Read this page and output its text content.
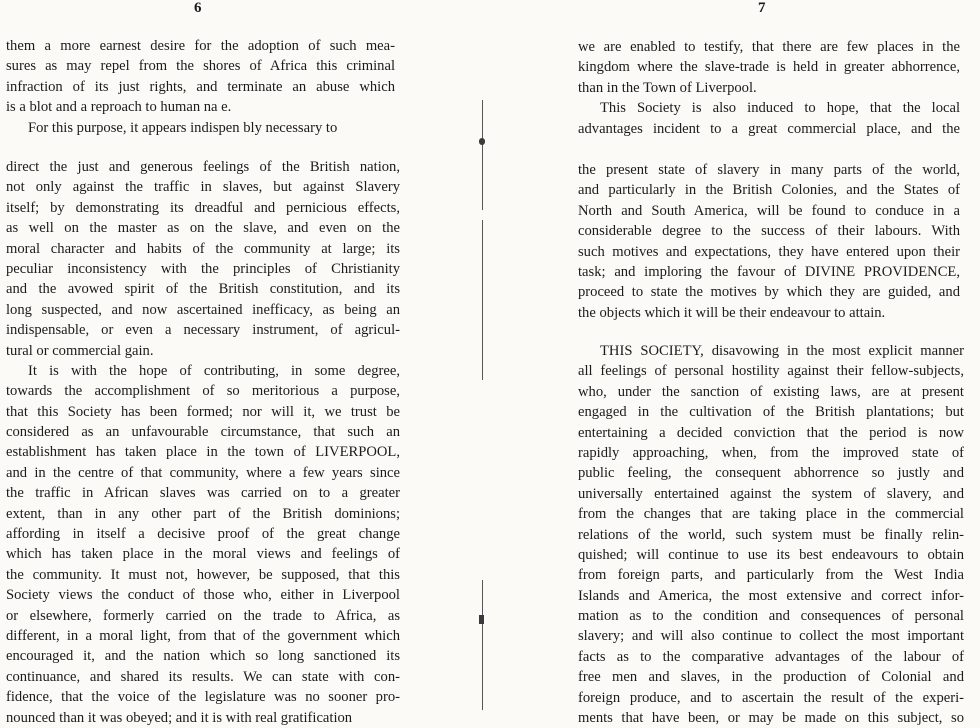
6
them a more earnest desire for the adoption of such mea-
sures as may repel from the shores of Africa this criminal
infraction of its just rights, and terminate an abuse which
is a blot and a reproach to human na e.
For this purpose, it appears indispen bly necessary to
direct the just and generous feelings of the British nation,
not only against the traffic in slaves, but against Slavery
itself; by demonstrating its dreadful and pernicious effects,
as well on the master as on the slave, and even on the
moral character and habits of the community at large; its
peculiar inconsistency with the principles of Christianity
and the avowed spirit of the British constitution, and its
long suspected, and now ascertained inefficacy, as being an
indispensable, or even a necessary instrument, of agricul-
tural or commercial gain.
It is with the hope of contributing, in some degree,
towards the accomplishment of so meritorious a purpose,
that this Society has been formed; nor will it, we trust be
considered as an unfavourable circumstance, that such an
establishment has taken place in the town of LIVERPOOL,
and in the centre of that community, where a few years since
the traffic in African slaves was carried on to a greater
extent, than in any other part of the British dominions;
affording in itself a decisive proof of the great change
which has taken place in the moral views and feelings of
the community. It must not, however, be supposed, that this
Society views the conduct of those who, either in Liverpool
or elsewhere, formerly carried on the trade to Africa, as
different, in a moral light, from that of the government which
encouraged it, and the nation which so long sanctioned its
continuance, and shared its results. We can state with con-
fidence, that the voice of the legislature was no sooner pro-
nounced than it was obeyed; and it is with real gratification
7
we are enabled to testify, that there are few places in the
kingdom where the slave-trade is held in greater abhorrence,
than in the Town of Liverpool.
This Society is also induced to hope, that the local
advantages incident to a great commercial place, and the
the present state of slavery in many parts of the world,
and particularly in the British Colonies, and the States of
North and South America, will be found to conduce in a
considerable degree to the success of their labours. With
such motives and expectations, they have entered upon their
task; and imploring the favour of DIVINE PROVIDENCE,
proceed to state the motives by which they are guided, and
the objects which it will be their endeavour to attain.
THIS SOCIETY, disavowing in the most explicit manner
all feelings of personal hostility against their fellow-subjects,
who, under the sanction of existing laws, are at present
engaged in the cultivation of the British plantations; but
entertaining a decided conviction that the period is now
rapidly approaching, when, from the improved state of
public feeling, the consequent abhorrence so justly and
universally entertained against the system of slavery, and
from the changes that are taking place in the commercial
relations of the world, such system must be finally relin-
quished; will continue to use its best endeavours to obtain
from foreign parts, and particularly from the West India
Islands and America, the most extensive and correct infor-
mation as to the condition and consequences of personal
slavery; and will also continue to collect the most important
facts as to the comparative advantages of the labour of
free men and slaves, in the production of Colonial and
foreign produce, and to ascertain the result of the experi-
ments that have been, or may be made on this subject, so
